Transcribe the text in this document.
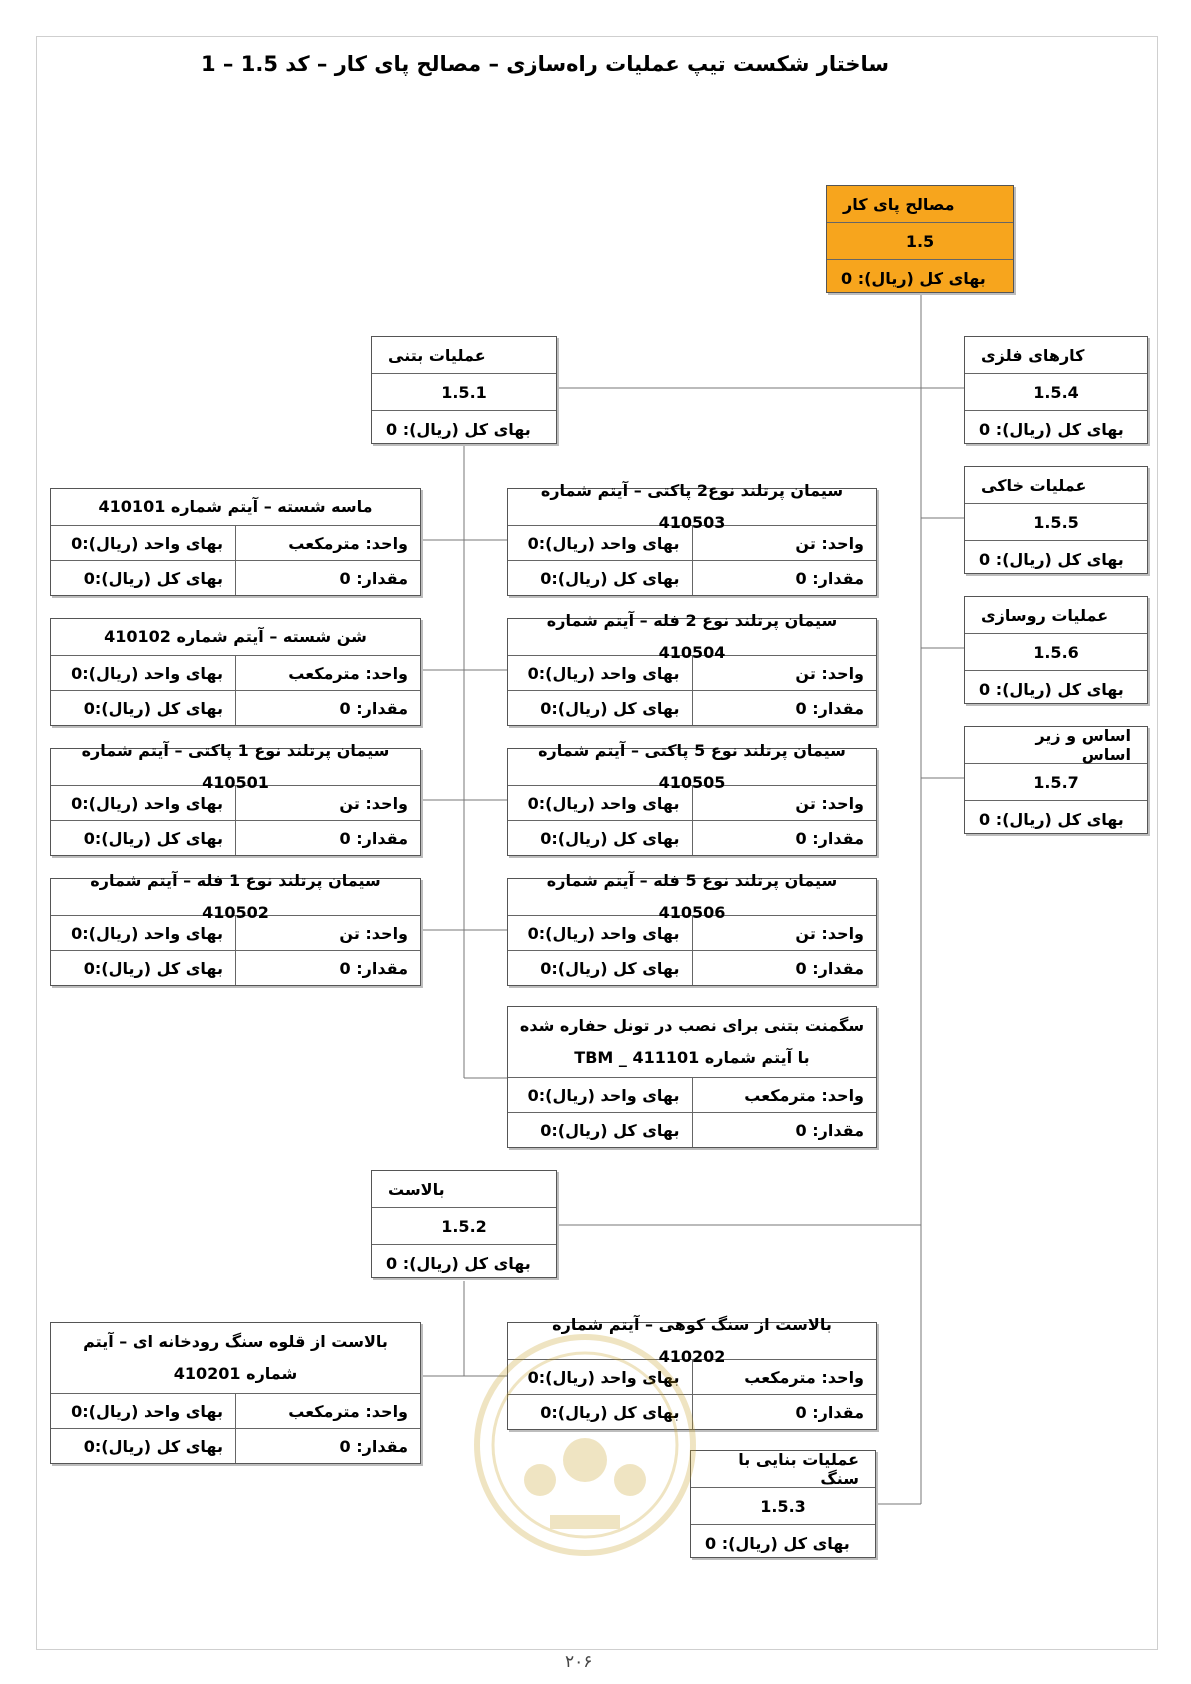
ساختار شکست تیپ عملیات راه‌سازی – مصالح پای کار – کد 1.5 – 1
مصالح پای کار
1.5
بهای کل (ریال): 0
عملیات بتنی
1.5.1
بهای کل (ریال): 0
کارهای فلزی
1.5.4
بهای کل (ریال): 0
عملیات خاکی
1.5.5
بهای کل (ریال): 0
عملیات روسازی
1.5.6
بهای کل (ریال): 0
اساس و زیر اساس
1.5.7
بهای کل (ریال): 0
ماسه شسته – آیتم شماره 410101
واحد: مترمکعب
بهای واحد (ریال):0
مقدار: 0
بهای کل (ریال):0
شن شسته – آیتم شماره 410102
واحد: مترمکعب
بهای واحد (ریال):0
مقدار: 0
بهای کل (ریال):0
سیمان پرتلند نوع 1 پاکتی – آیتم شماره 410501
واحد: تن
بهای واحد (ریال):0
مقدار: 0
بهای کل (ریال):0
سیمان پرتلند نوع 1 فله – آیتم شماره 410502
واحد: تن
بهای واحد (ریال):0
مقدار: 0
بهای کل (ریال):0
سیمان پرتلند نوع2 پاکتی – آیتم شماره 410503
واحد: تن
بهای واحد (ریال):0
مقدار: 0
بهای کل (ریال):0
سیمان پرتلند نوع 2 فله – آیتم شماره 410504
واحد: تن
بهای واحد (ریال):0
مقدار: 0
بهای کل (ریال):0
سیمان پرتلند نوع 5 پاکتی – آیتم شماره 410505
واحد: تن
بهای واحد (ریال):0
مقدار: 0
بهای کل (ریال):0
سیمان پرتلند نوع 5 فله – آیتم شماره 410506
واحد: تن
بهای واحد (ریال):0
مقدار: 0
بهای کل (ریال):0
سگمنت بتنی برای نصب در تونل حفاره شده با آیتم شماره 411101 _ TBM
واحد: مترمکعب
بهای واحد (ریال):0
مقدار: 0
بهای کل (ریال):0
بالاست
1.5.2
بهای کل (ریال): 0
بالاست از قلوه سنگ رودخانه ای – آیتم شماره 410201
واحد: مترمکعب
بهای واحد (ریال):0
مقدار: 0
بهای کل (ریال):0
بالاست از سنگ کوهی – آیتم شماره 410202
واحد: مترمکعب
بهای واحد (ریال):0
مقدار: 0
بهای کل (ریال):0
عملیات بنایی با سنگ
1.5.3
بهای کل (ریال): 0
۲۰۶
